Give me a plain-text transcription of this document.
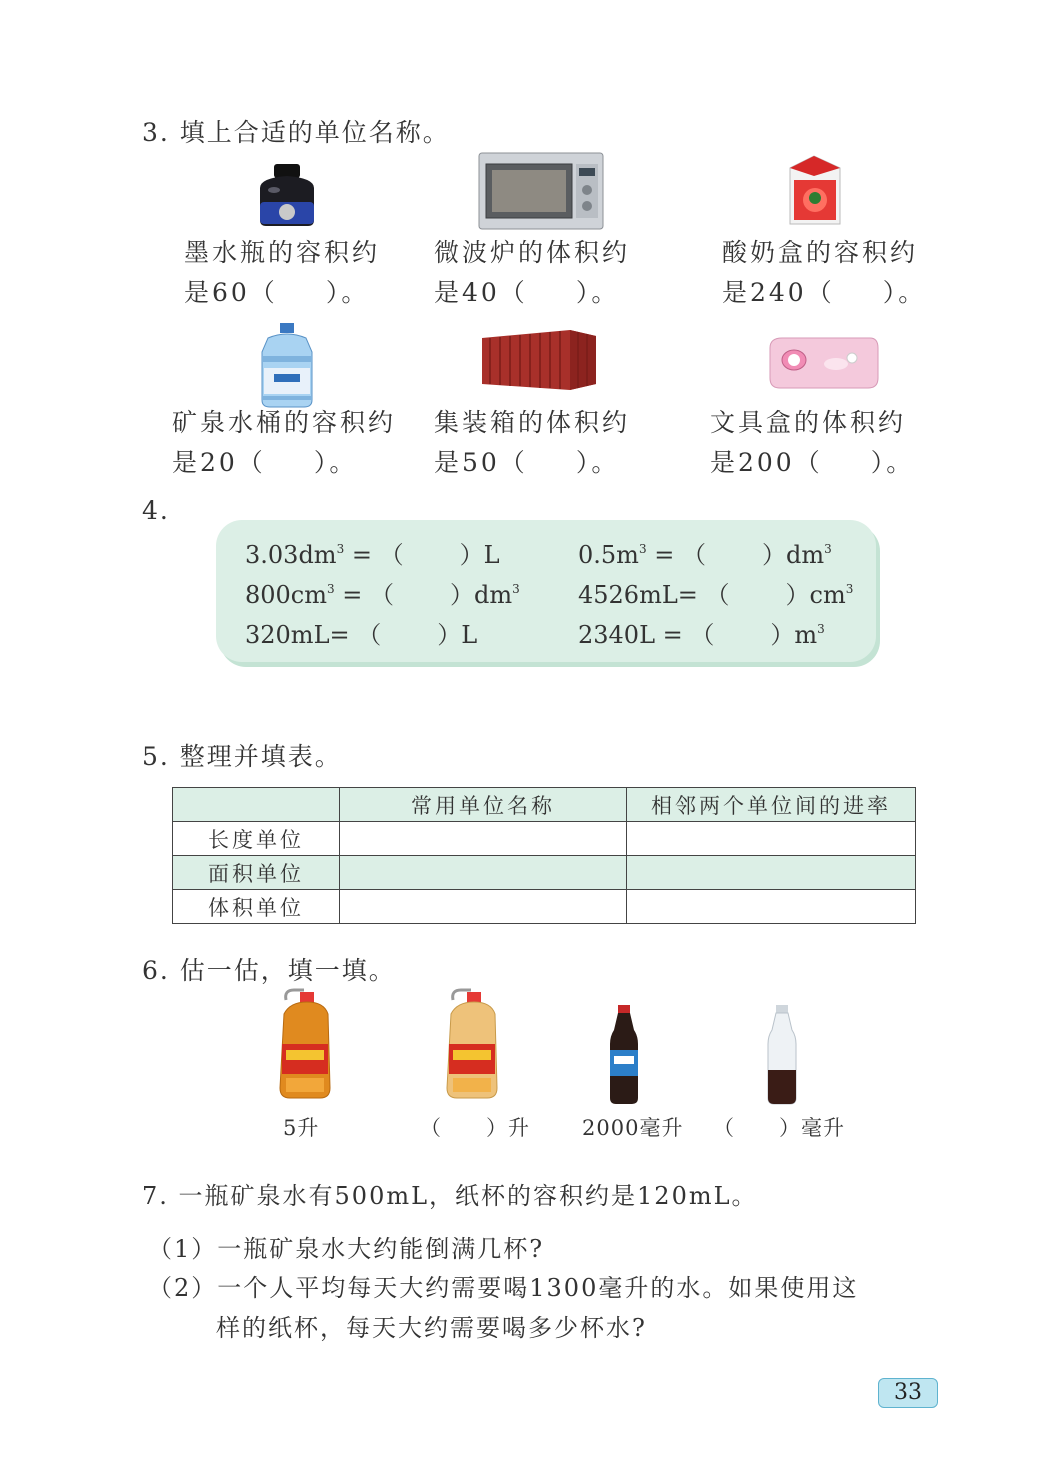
3. 填上合适的单位名称。
墨水瓶的容积约
是60（ ）。
微波炉的体积约
是40（ ）。
酸奶盒的容积约
是240（ ）。
矿泉水桶的容积约
是20（ ）。
集装箱的体积约
是50（ ）。
文具盒的体积约
是200（ ）。
4.
$3.03dm^3$ = （ ）L	$0.5m^3$ = （ ）$dm^3$
$800cm^3$ = （ ）$dm^3$ 4526mL= （ ）$cm^3$
320mL= （ ）L	2340L = （ ）$m^3$
5. 整理并填表。
	常用单位名称	相邻两个单位间的进率
长度单位		
面积单位		
体积单位		
6. 估一估，填一填。
5升	（　　）升 2000毫升 （　　）毫升
7. 一瓶矿泉水有500mL，纸杯的容积约是120mL。
（1）一瓶矿泉水大约能倒满几杯?
（2）一个人平均每天大约需要喝1300毫升的水。如果使用这
样的纸杯，每天大约需要喝多少杯水?
33
